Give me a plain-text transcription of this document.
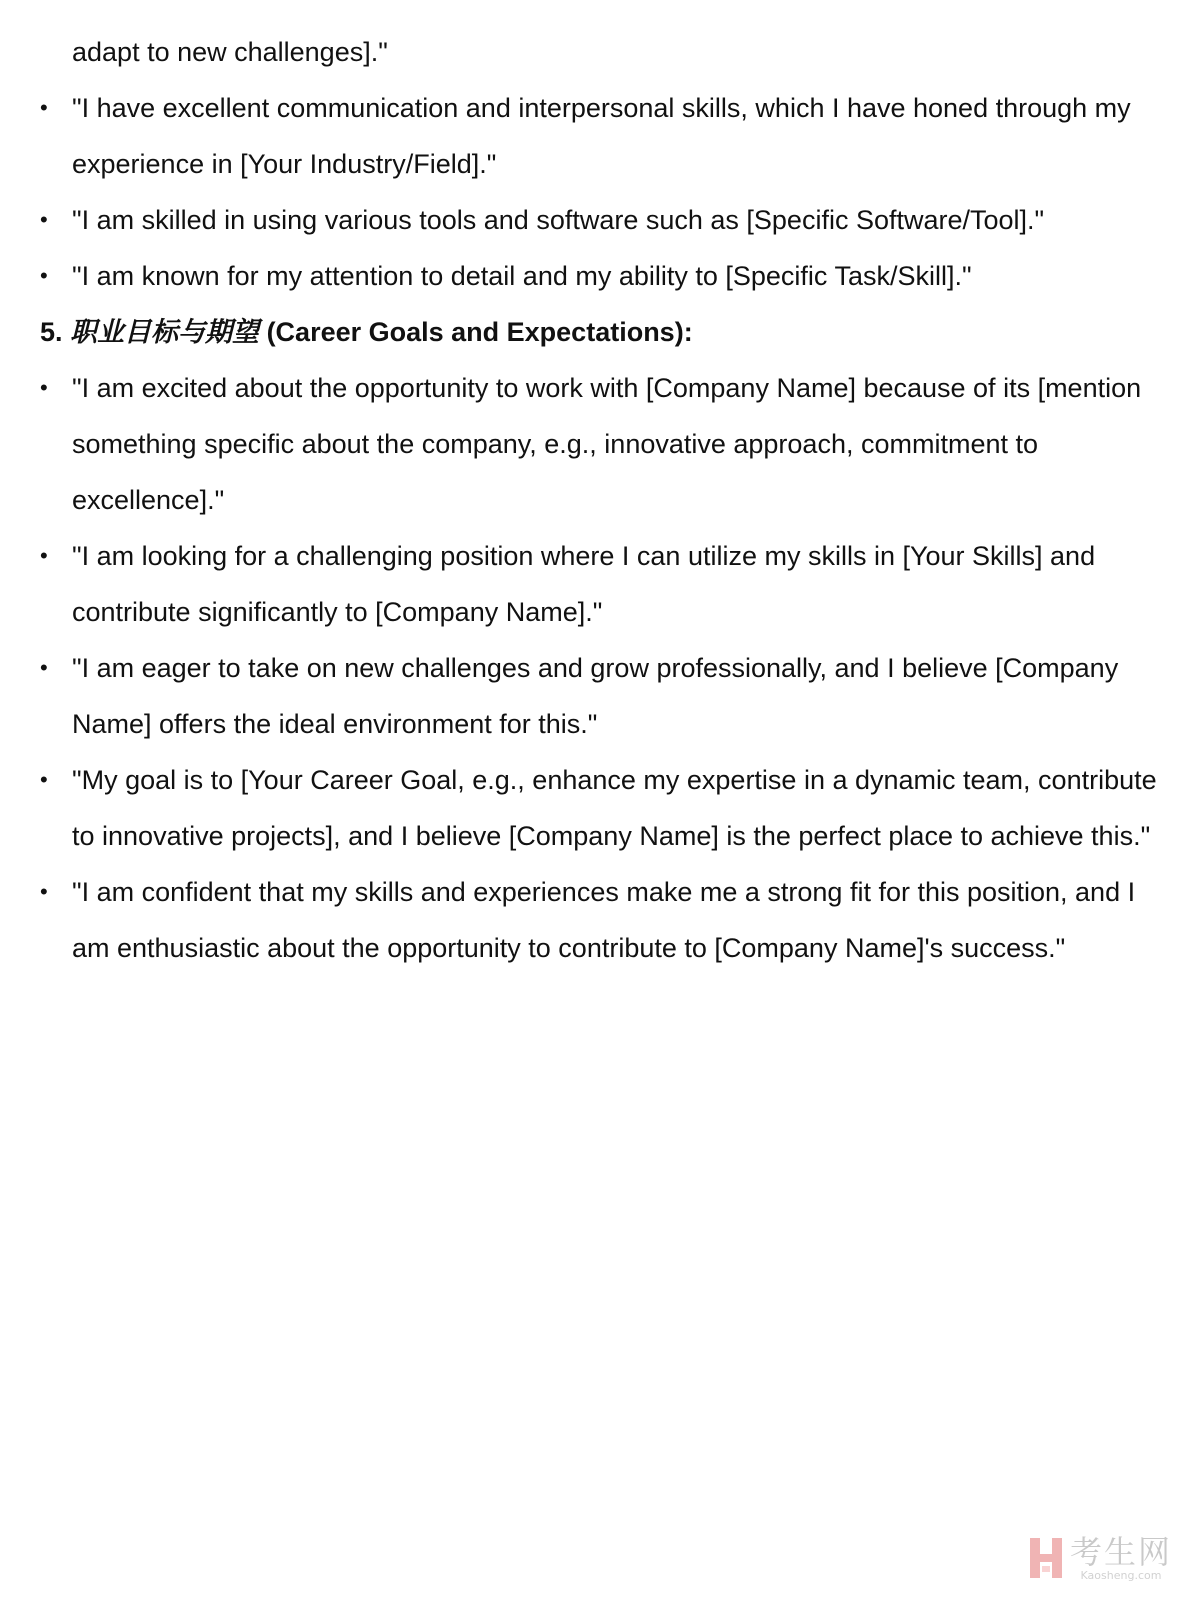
adapt to new challenges]."
• "I have excellent communication and interpersonal skills, which I have honed through my experience in [Your Industry/Field]."
• "I am skilled in using various tools and software such as [Specific Software/Tool]."
• "I am known for my attention to detail and my ability to [Specific Task/Skill]."
5. 职业目标与期望 (Career Goals and Expectations):
• "I am excited about the opportunity to work with [Company Name] because of its [mention something specific about the company, e.g., innovative approach, commitment to excellence]."
• "I am looking for a challenging position where I can utilize my skills in [Your Skills] and contribute significantly to [Company Name]."
• "I am eager to take on new challenges and grow professionally, and I believe [Company Name] offers the ideal environment for this."
• "My goal is to [Your Career Goal, e.g., enhance my expertise in a dynamic team, contribute to innovative projects], and I believe [Company Name] is the perfect place to achieve this."
• "I am confident that my skills and experiences make me a strong fit for this position, and I am enthusiastic about the opportunity to contribute to [Company Name]'s success."
考生网
Kaosheng.com
